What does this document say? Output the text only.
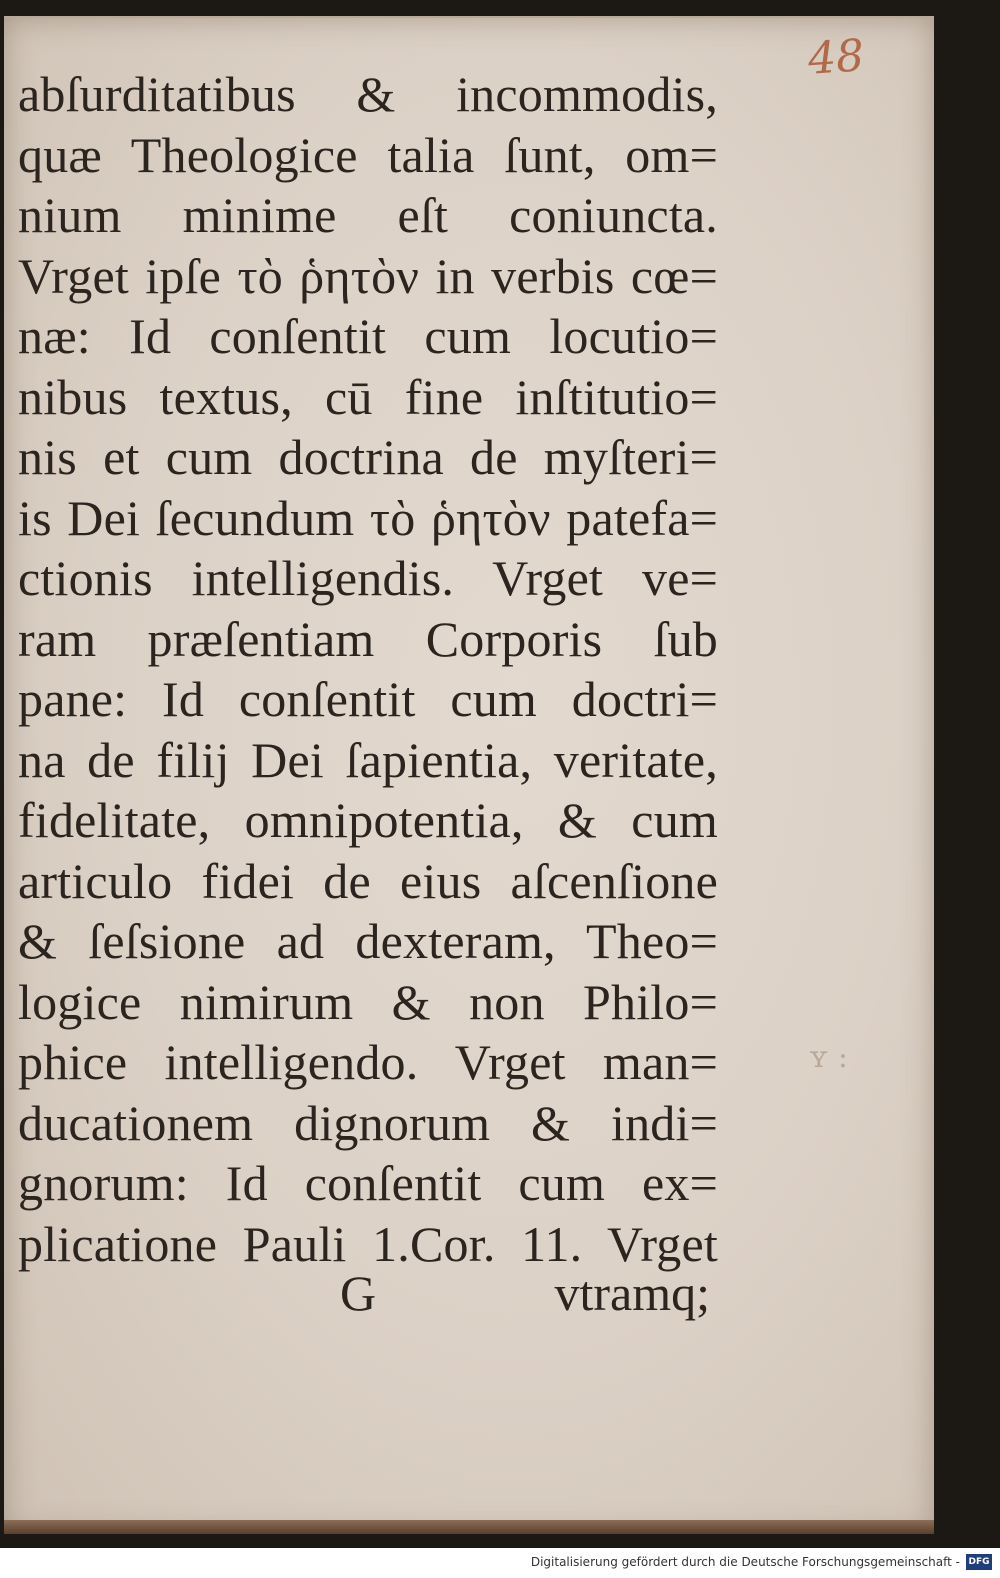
48
abſurditatibus & incommodis,
quæ Theologice talia ſunt, om=
nium minime eſt coniuncta.
Vrget ipſe τὸ ῥητὸν in verbis cœ=
næ: Id conſentit cum locutio=
nibus textus, cū fine inſtitutio=
nis et cum doctrina de myſteri=
is Dei ſecundum τὸ ῥητὸν patefa=
ctionis intelligendis. Vrget ve=
ram præſentiam Corporis ſub
pane: Id conſentit cum doctri=
na de filij Dei ſapientia, veritate,
fidelitate, omnipotentia, & cum
articulo fidei de eius aſcenſione
& ſeſsione ad dexteram, Theo=
logice nimirum & non Philo=
phice intelligendo. Vrget man=
ducationem dignorum & indi=
gnorum: Id conſentit cum ex=
plicatione Pauli 1.Cor. 11. Vrget
G	vtramq;
ʏ :
Digitalisierung gefördert durch die Deutsche Forschungsgemeinschaft - DFG
